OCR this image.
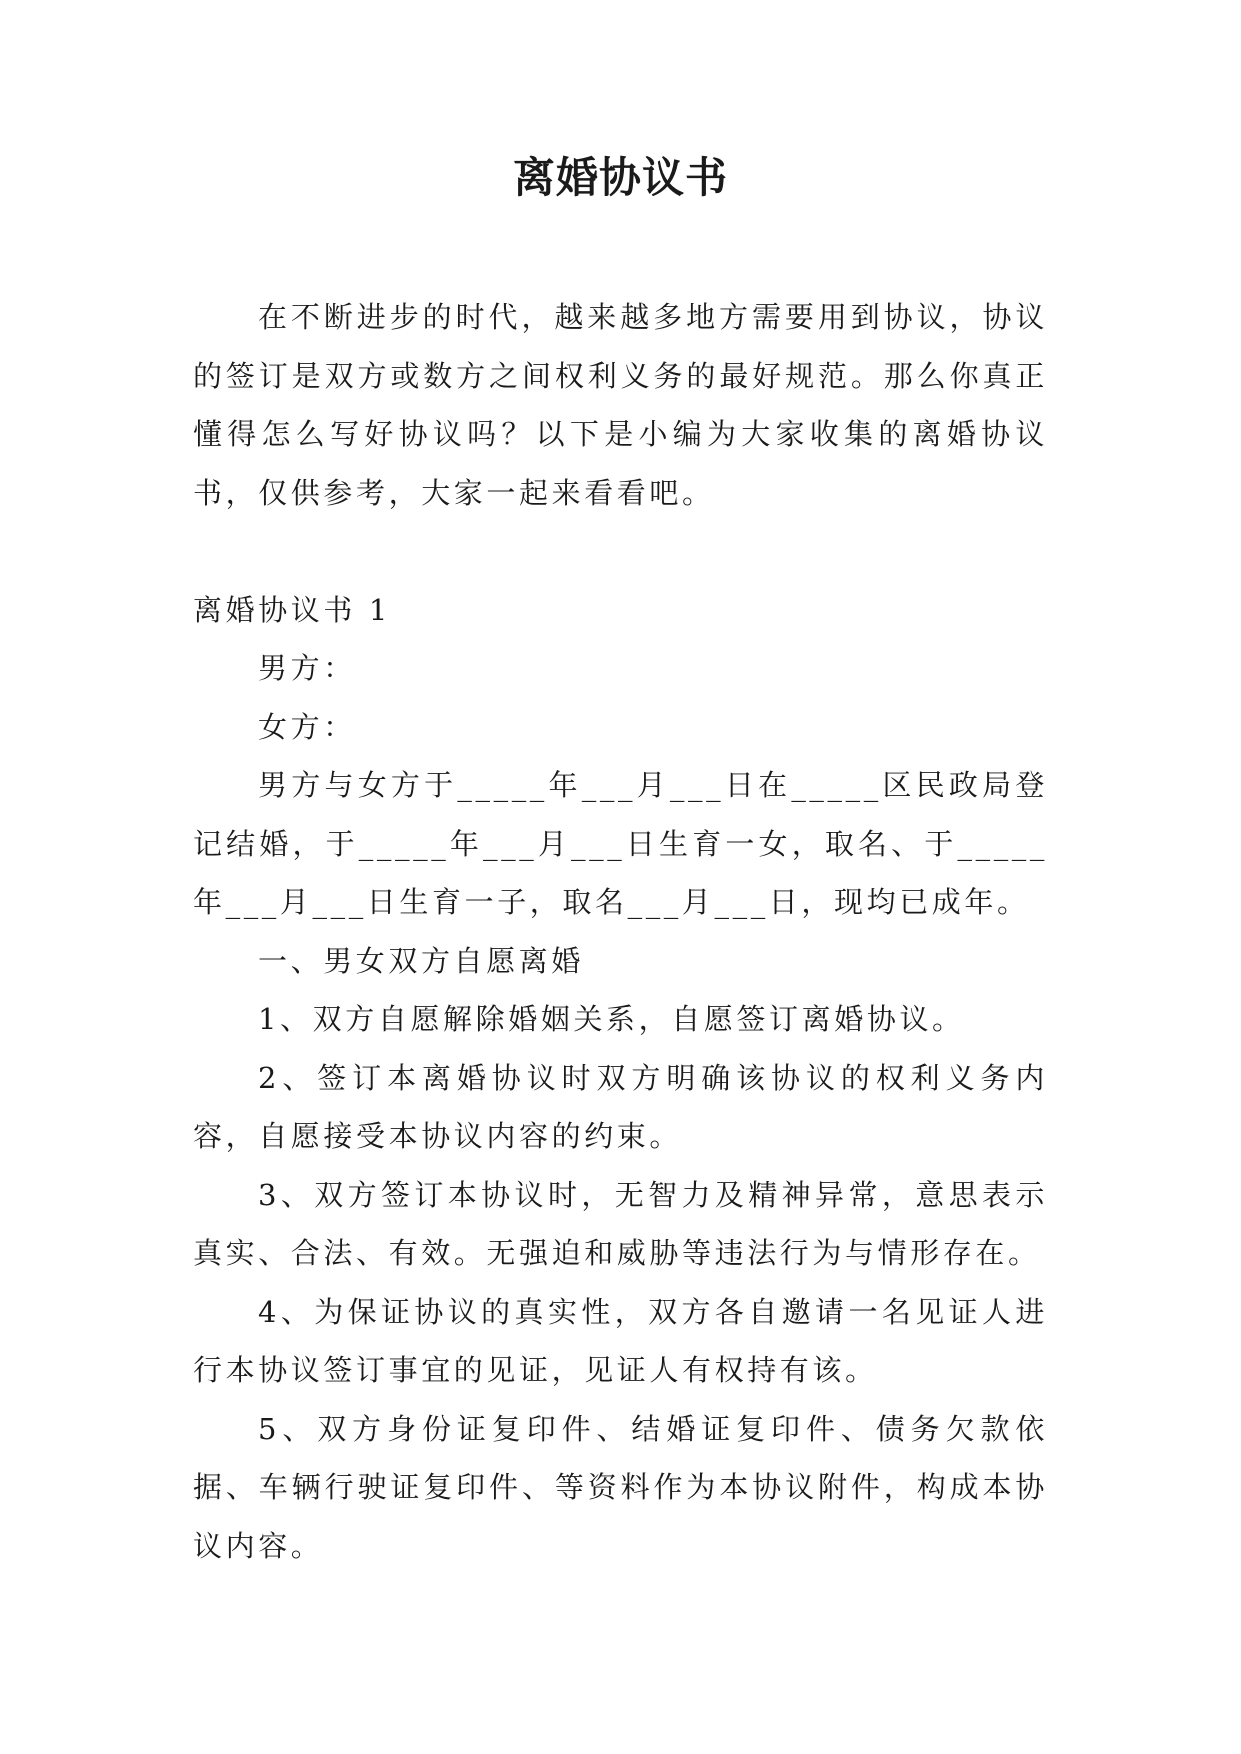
离婚协议书

在不断进步的时代，越来越多地方需要用到协议，协议的签订是双方或数方之间权利义务的最好规范。那么你真正懂得怎么写好协议吗？以下是小编为大家收集的离婚协议书，仅供参考，大家一起来看看吧。

离婚协议书 1

男方：

女方：

男方与女方于_____年___月___日在_____区民政局登记结婚，于_____年___月___日生育一女，取名、于_____年___月___日生育一子，取名___月___日，现均已成年。

一、男女双方自愿离婚

1、双方自愿解除婚姻关系，自愿签订离婚协议。

2、签订本离婚协议时双方明确该协议的权利义务内容，自愿接受本协议内容的约束。

3、双方签订本协议时，无智力及精神异常，意思表示真实、合法、有效。无强迫和威胁等违法行为与情形存在。

4、为保证协议的真实性，双方各自邀请一名见证人进行本协议签订事宜的见证，见证人有权持有该。

5、双方身份证复印件、结婚证复印件、债务欠款依据、车辆行驶证复印件、等资料作为本协议附件，构成本协议内容。
